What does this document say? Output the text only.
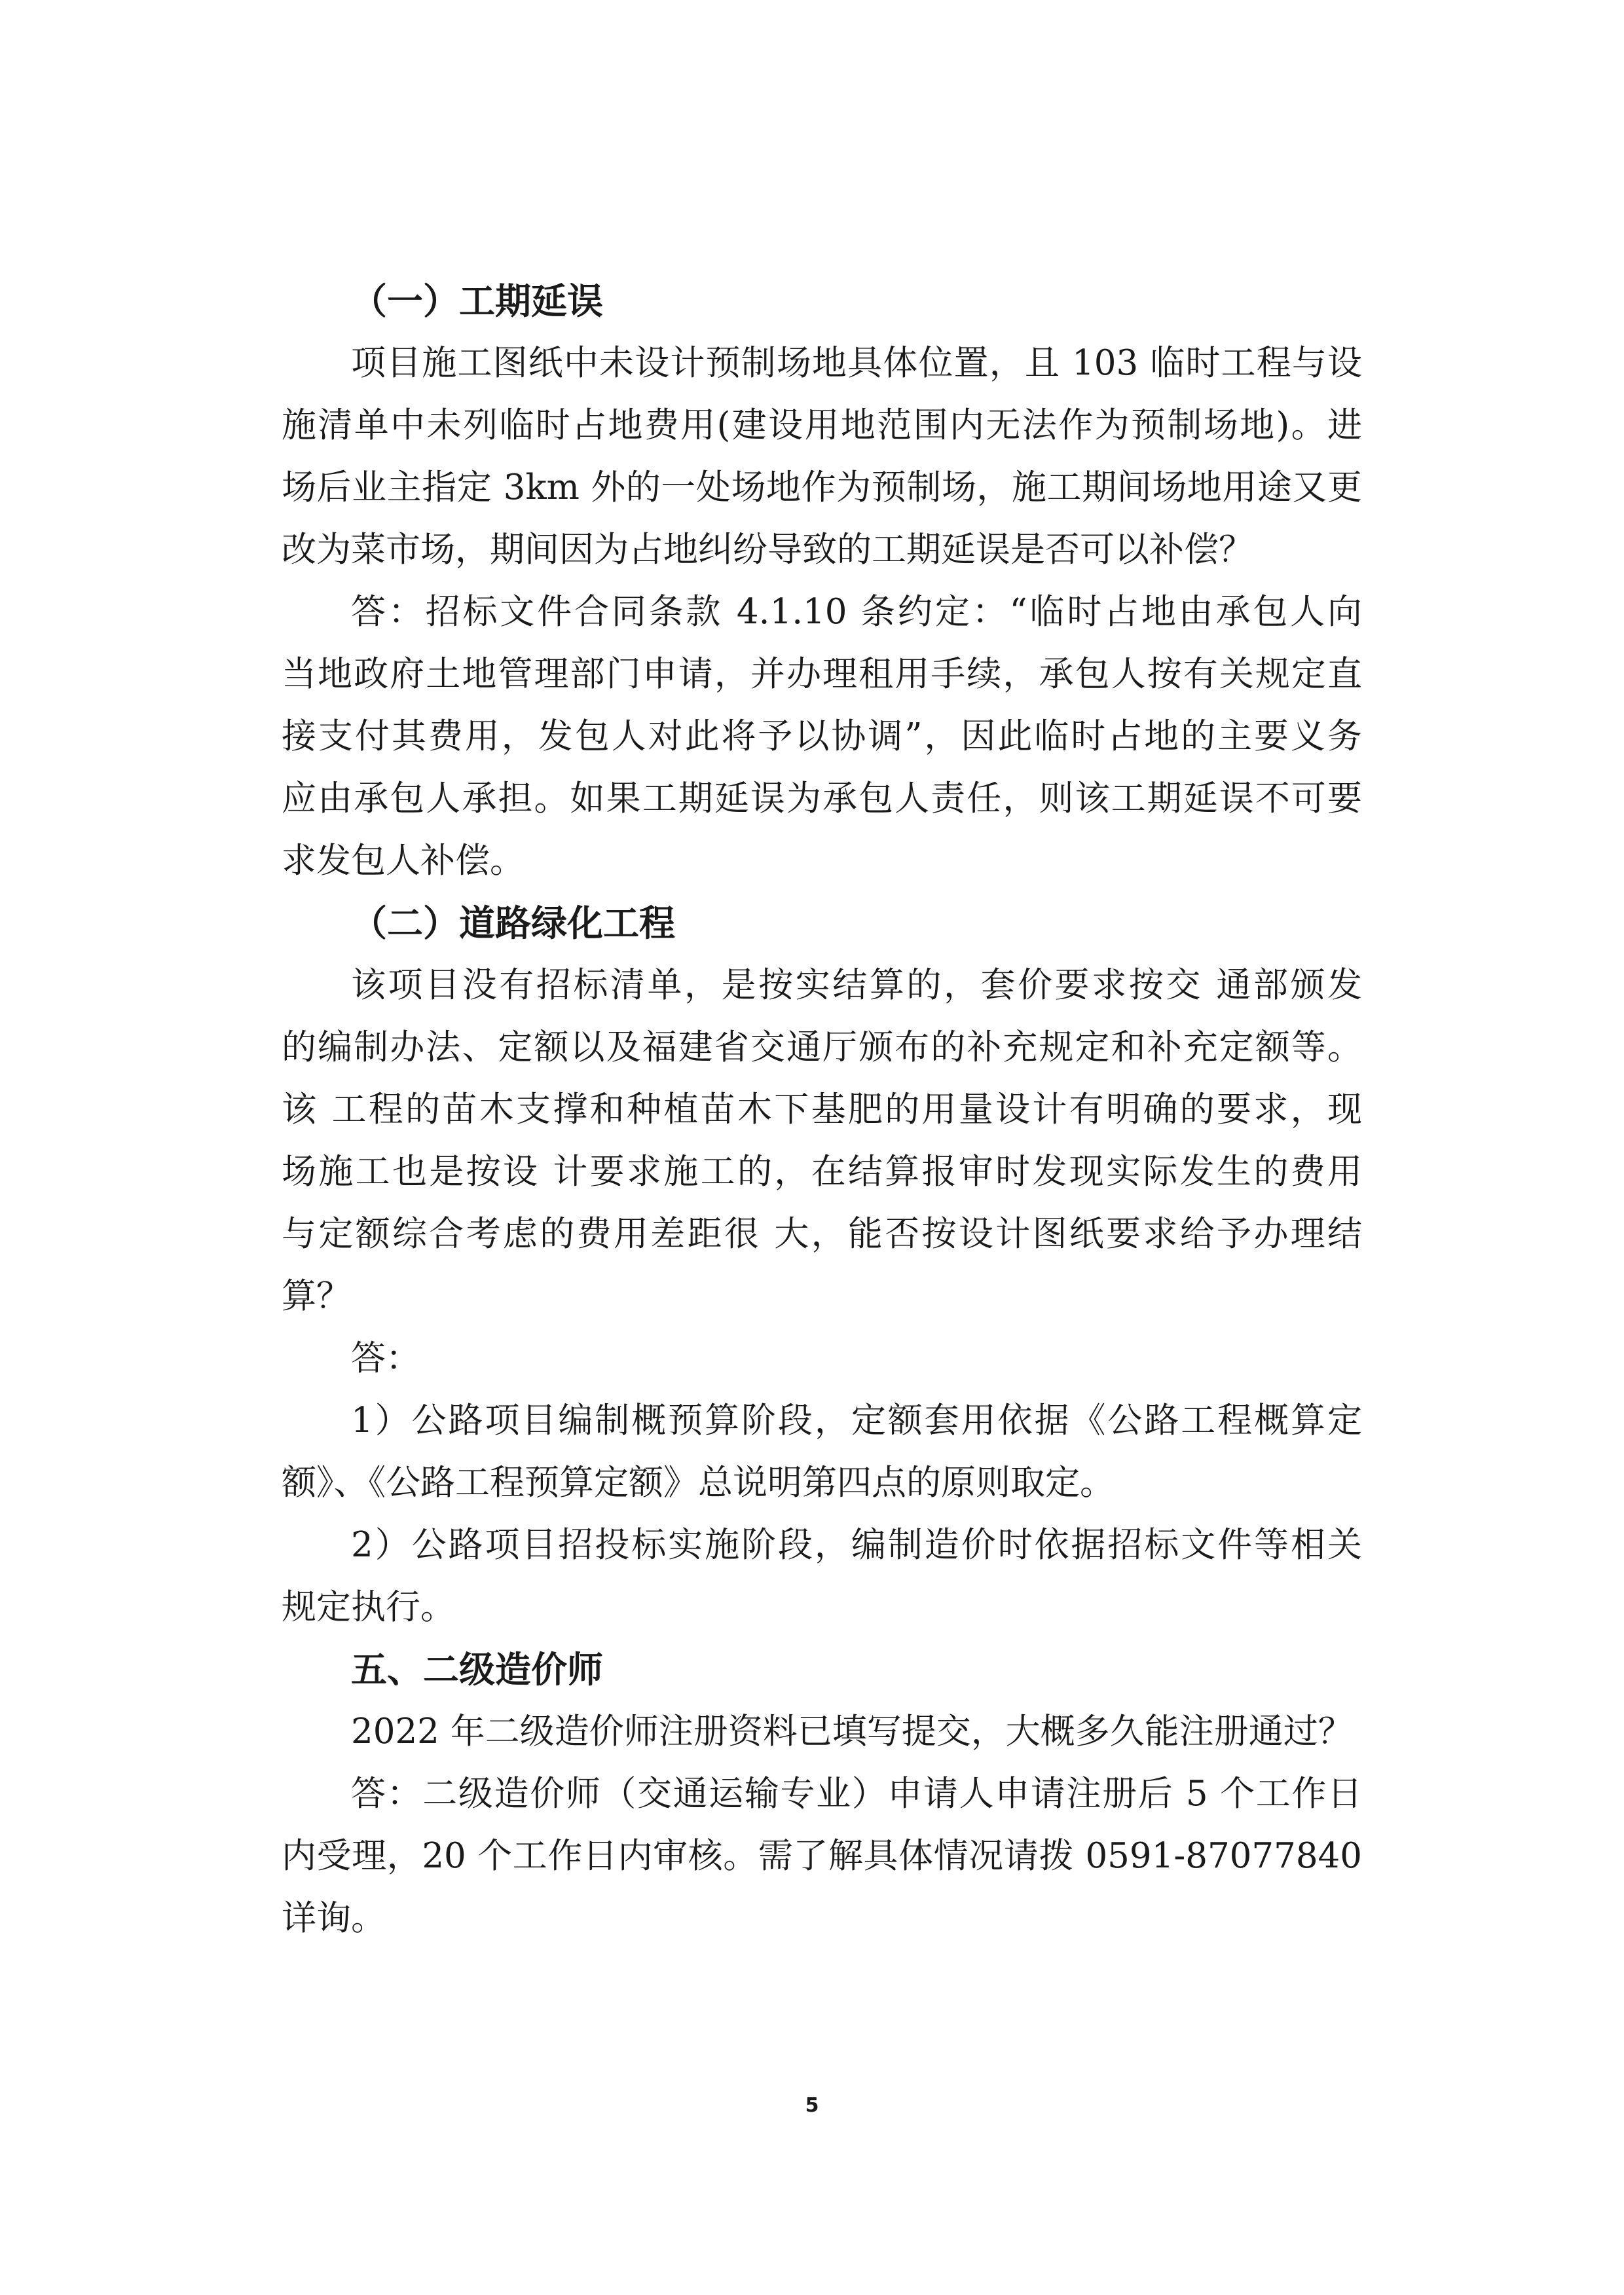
（一）工期延误
项目施工图纸中未设计预制场地具体位置，且 103 临时工程与设
施清单中未列临时占地费用(建设用地范围内无法作为预制场地)。进
场后业主指定 3km 外的一处场地作为预制场，施工期间场地用途又更
改为菜市场，期间因为占地纠纷导致的工期延误是否可以补偿？
答：招标文件合同条款 4.1.10 条约定：“临时占地由承包人向
当地政府土地管理部门申请，并办理租用手续，承包人按有关规定直
接支付其费用，发包人对此将予以协调”，因此临时占地的主要义务
应由承包人承担。如果工期延误为承包人责任，则该工期延误不可要
求发包人补偿。
（二）道路绿化工程
该项目没有招标清单，是按实结算的，套价要求按交 通部颁发
的编制办法、定额以及福建省交通厅颁布的补充规定和补充定额等。
该 工程的苗木支撑和种植苗木下基肥的用量设计有明确的要求，现
场施工也是按设 计要求施工的，在结算报审时发现实际发生的费用
与定额综合考虑的费用差距很 大，能否按设计图纸要求给予办理结
算？
答：
1）公路项目编制概预算阶段，定额套用依据《公路工程概算定
额》、《公路工程预算定额》总说明第四点的原则取定。
2）公路项目招投标实施阶段，编制造价时依据招标文件等相关
规定执行。
五、二级造价师
2022 年二级造价师注册资料已填写提交，大概多久能注册通过？
答：二级造价师（交通运输专业）申请人申请注册后 5 个工作日
内受理，20 个工作日内审核。需了解具体情况请拨 0591-87077840
详询。
5
